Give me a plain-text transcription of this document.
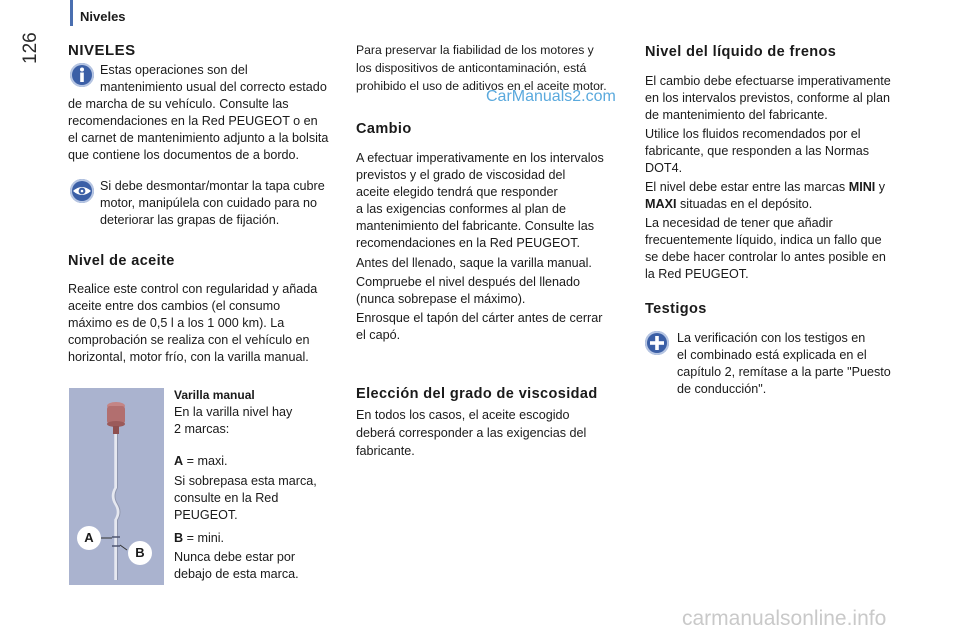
Niveles
126 NIVELES
Estas operaciones son del
mantenimiento usual del correcto estado
de marcha de su vehículo. Consulte las
recomendaciones en la Red PEUGEOT o en
el carnet de mantenimiento adjunto a la bolsita
que contiene los documentos de a bordo.
Si debe desmontar/montar la tapa cubre
motor, manipúlela con cuidado para no
deteriorar las grapas de fijación.
Nivel de aceite
Realice este control con regularidad y añada
aceite entre dos cambios (el consumo
máximo es de 0,5 l a los 1 000 km). La
comprobación se realiza con el vehículo en
horizontal, motor frío, con la varilla manual.
A
B
Varilla manual
En la varilla nivel hay
2 marcas:
A = maxi.
Si sobrepasa esta marca,
consulte en la Red
PEUGEOT.
B = mini.
Nunca debe estar por
debajo de esta marca.
Para preservar la fiabilidad de los motores y
los dispositivos de anticontaminación, está
prohibido el uso de aditivos en el aceite motor.
CarManuals2.com
Cambio
A efectuar imperativamente en los intervalos
previstos y el grado de viscosidad del
aceite elegido tendrá que responder
a las exigencias conformes al plan de
mantenimiento del fabricante. Consulte las
recomendaciones en la Red PEUGEOT.
Antes del llenado, saque la varilla manual.
Compruebe el nivel después del llenado
(nunca sobrepase el máximo).
Enrosque el tapón del cárter antes de cerrar
el capó.
Elección del grado de viscosidad
En todos los casos, el aceite escogido
deberá corresponder a las exigencias del
fabricante.
Nivel del líquido de frenos
El cambio debe efectuarse imperativamente
en los intervalos previstos, conforme al plan
de mantenimiento del fabricante.
Utilice los fluidos recomendados por el
fabricante, que responden a las Normas
DOT4.
El nivel debe estar entre las marcas MINI y
MAXI situadas en el depósito.
La necesidad de tener que añadir
frecuentemente líquido, indica un fallo que
se debe hacer controlar lo antes posible en
la Red PEUGEOT.
Testigos
La verificación con los testigos en
el combinado está explicada en el
capítulo 2, remítase a la parte "Puesto
de conducción".
carmanualsonline.info
